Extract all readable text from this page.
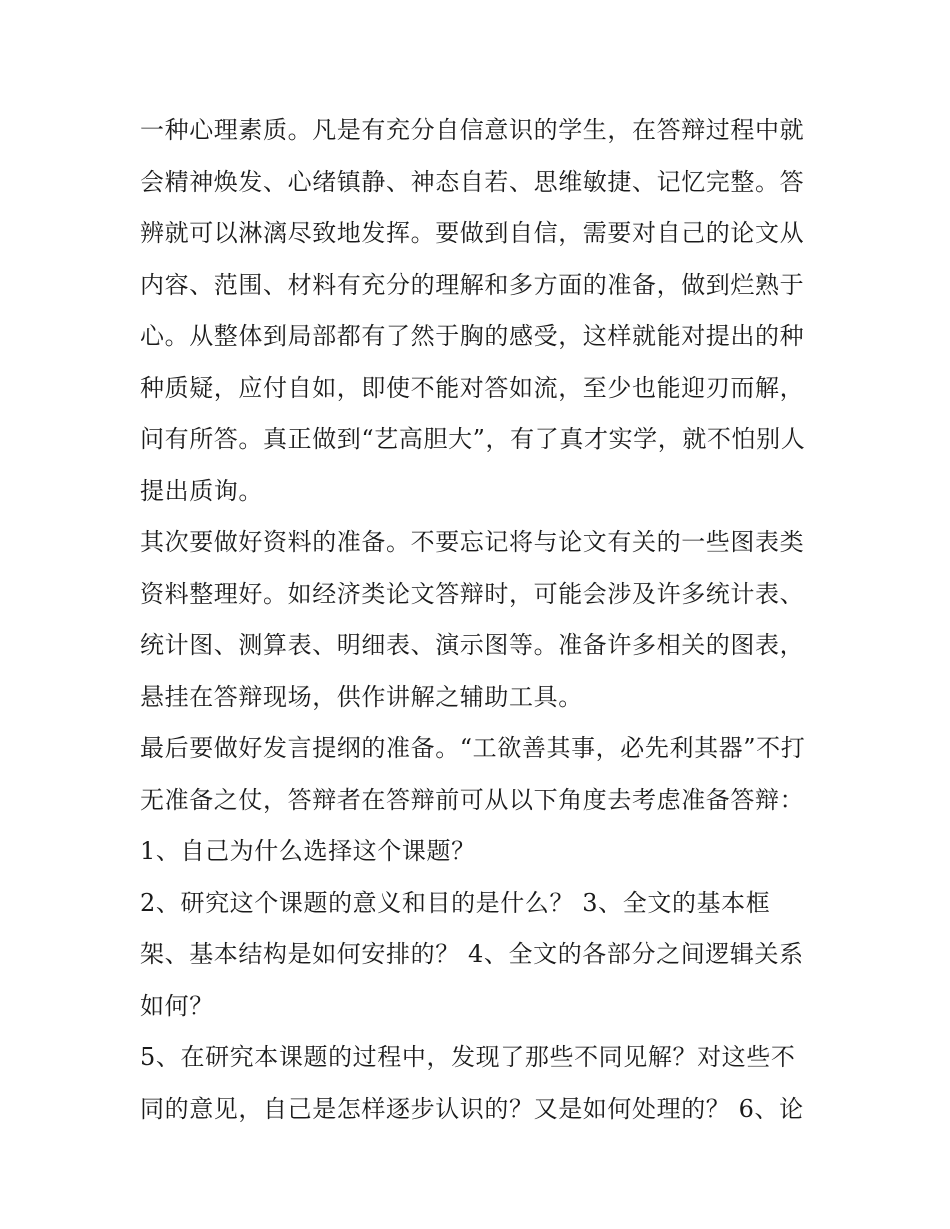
一种心理素质。凡是有充分自信意识的学生，在答辩过程中就
会精神焕发、心绪镇静、神态自若、思维敏捷、记忆完整。答
辨就可以淋漓尽致地发挥。要做到自信，需要对自己的论文从
内容、范围、材料有充分的理解和多方面的准备，做到烂熟于
心。从整体到局部都有了然于胸的感受，这样就能对提出的种
种质疑，应付自如，即使不能对答如流，至少也能迎刃而解，
问有所答。真正做到“艺高胆大”，有了真才实学，就不怕别人
提出质询。
其次要做好资料的准备。不要忘记将与论文有关的一些图表类
资料整理好。如经济类论文答辩时，可能会涉及许多统计表、
统计图、测算表、明细表、演示图等。准备许多相关的图表，
悬挂在答辩现场，供作讲解之辅助工具。
最后要做好发言提纲的准备。“工欲善其事，必先利其器”不打
无准备之仗，答辩者在答辩前可从以下角度去考虑准备答辩：
1、自己为什么选择这个课题？
2、研究这个课题的意义和目的是什么？ 3、全文的基本框
架、基本结构是如何安排的？ 4、全文的各部分之间逻辑关系
如何？
5、在研究本课题的过程中，发现了那些不同见解？对这些不
同的意见，自己是怎样逐步认识的？又是如何处理的？ 6、论
